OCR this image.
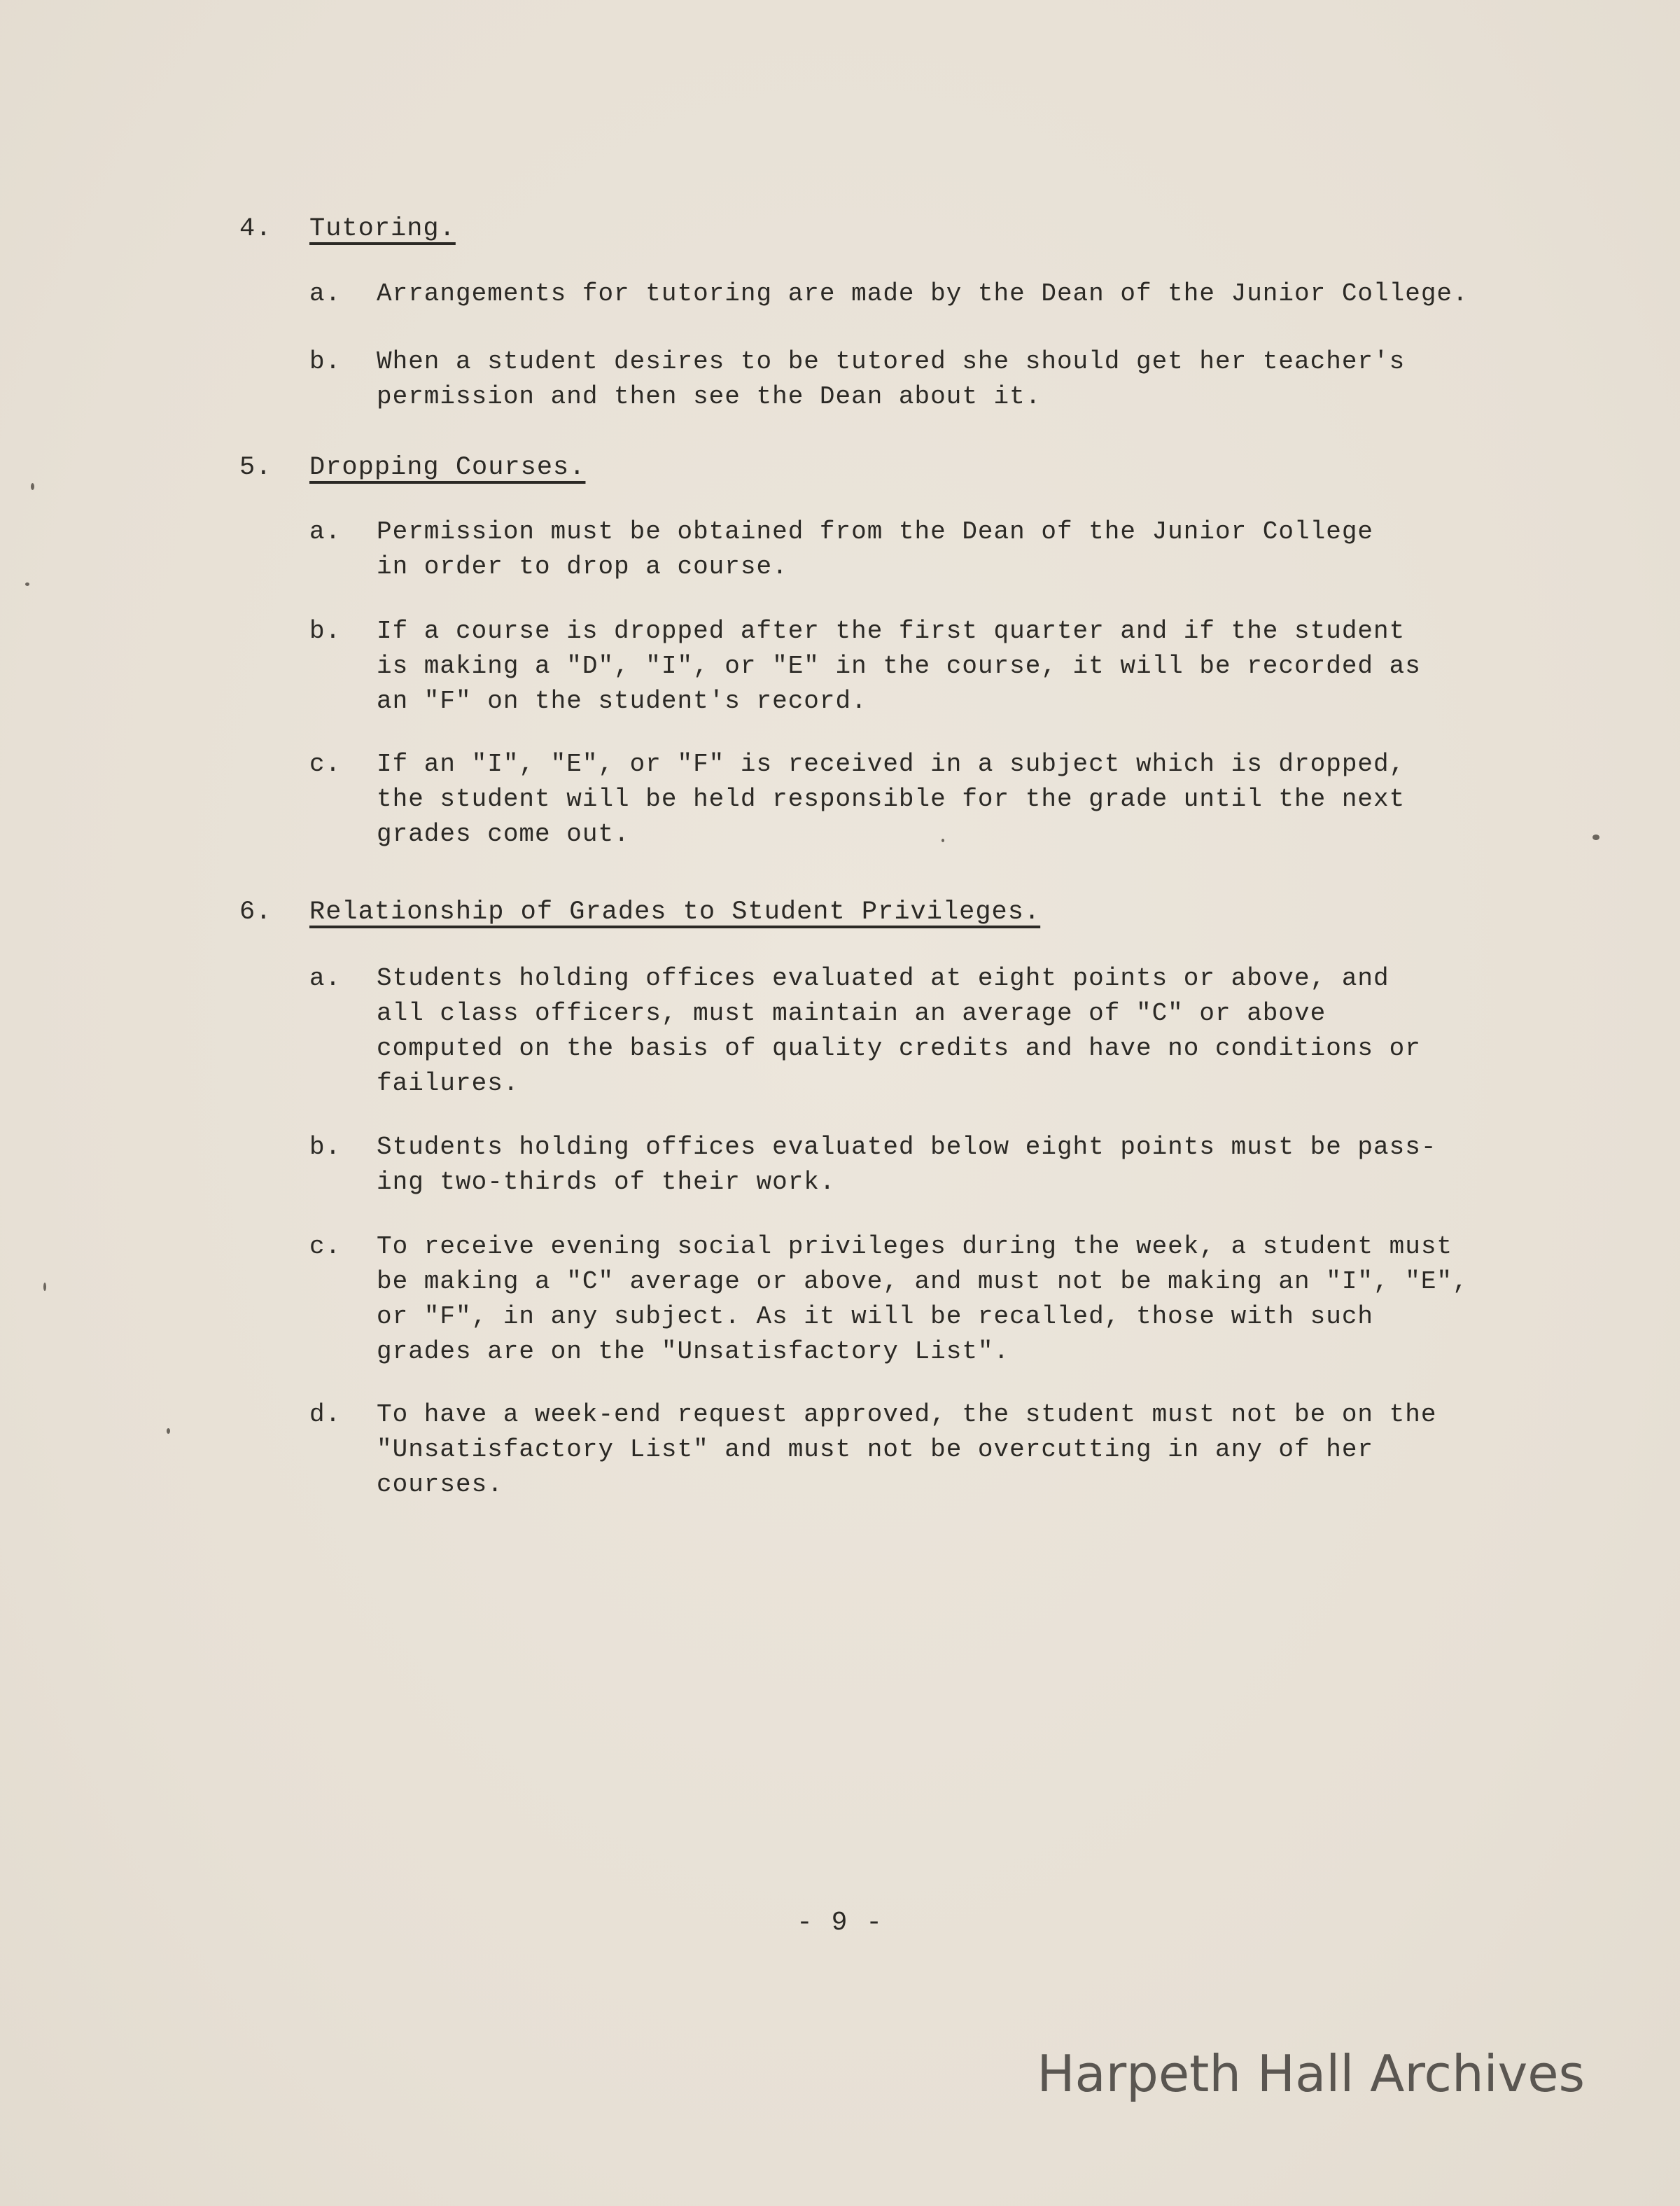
4. Tutoring.
a.	Arrangements for tutoring are made by the Dean of the Junior College.
b.	When a student desires to be tutored she should get her teacher's
permission and then see the Dean about it.
5. Dropping Courses.
a.	Permission must be obtained from the Dean of the Junior College
in order to drop a course.
b.	If a course is dropped after the first quarter and if the student
is making a "D", "I", or "E" in the course, it will be recorded as
an "F" on the student's record.
c.	If an "I", "E", or "F" is received in a subject which is dropped,
the student will be held responsible for the grade until the next
grades come out.
6. Relationship of Grades to Student Privileges.
a.	Students holding offices evaluated at eight points or above, and
all class officers, must maintain an average of "C" or above
computed on the basis of quality credits and have no conditions or
failures.
b.	Students holding offices evaluated below eight points must be pass-
ing two-thirds of their work.
c.	To receive evening social privileges during the week, a student must
be making a "C" average or above, and must not be making an "I", "E",
or "F", in any subject. As it will be recalled, those with such
grades are on the "Unsatisfactory List".
d.	To have a week-end request approved, the student must not be on the
"Unsatisfactory List" and must not be overcutting in any of her
courses.
- 9 -
Harpeth Hall Archives
